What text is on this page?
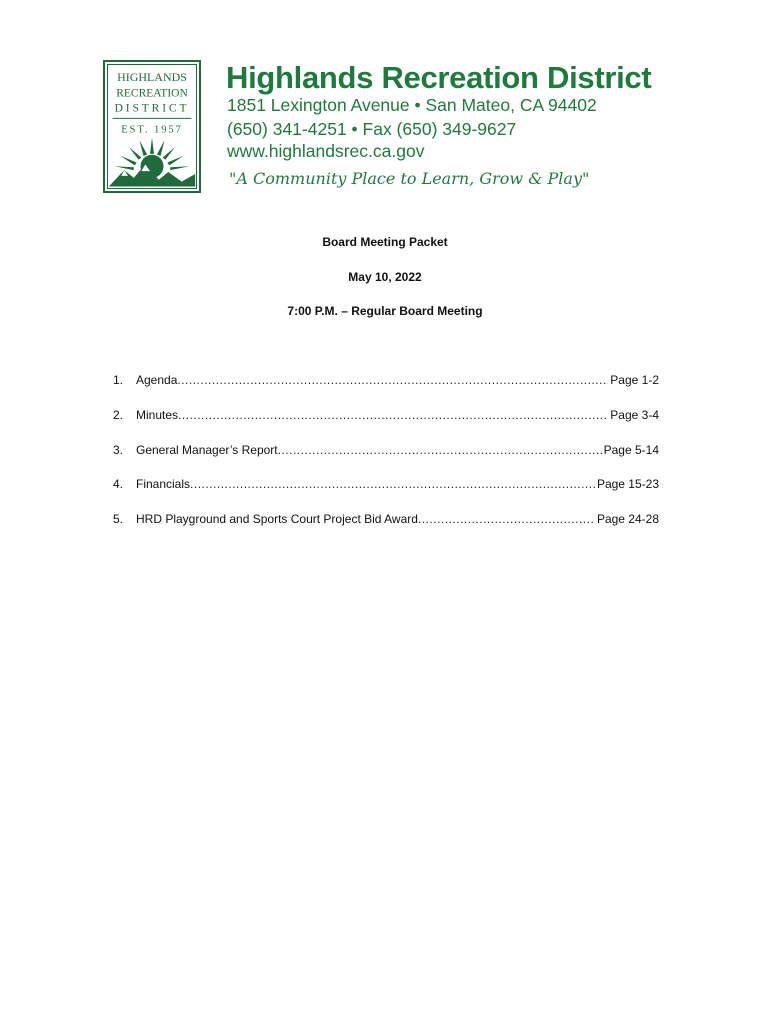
HIGHLANDS
RECREATION
DISTRICT
EST. 1957
Highlands Recreation District
1851 Lexington Avenue • San Mateo, CA 94402
(650) 341-4251 • Fax (650) 349-9627
www.highlandsrec.ca.gov
"A Community Place to Learn, Grow & Play"
Board Meeting Packet
May 10, 2022
7:00 P.M. – Regular Board Meeting
1. Agenda .....	Page 1-2
2. Minutes .....	Page 3-4
3. General Manager’s Report .....	Page 5-14
4. Financials .....	Page 15-23
5. HRD Playground and Sports Court Project Bid Award .....	Page 24-28
